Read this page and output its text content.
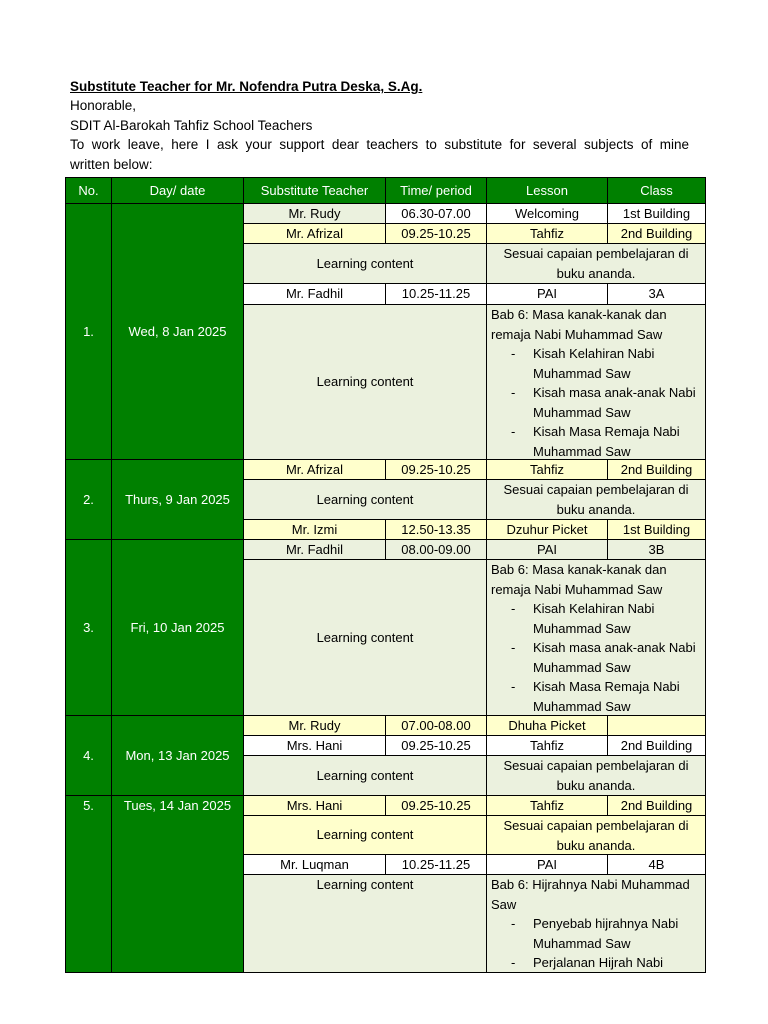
Substitute Teacher for Mr. Nofendra Putra Deska, S.Ag.
Honorable,
SDIT Al-Barokah Tahfiz School Teachers
To work leave, here I ask your support dear teachers to substitute for several subjects of mine
written below:
No.	Day/ date	Substitute Teacher	Time/ period	Lesson	Class
1.	Wed, 8 Jan 2025
Mr. Rudy	06.30-07.00	Welcoming	1st Building
Mr. Afrizal	09.25-10.25	Tahfiz	2nd Building
Learning content
Sesuai capaian pembelajaran di buku ananda.
Mr. Fadhil	10.25-11.25	PAI	3A
Learning content
Bab 6: Masa kanak-kanak dan remaja Nabi Muhammad Saw
- Kisah Kelahiran Nabi Muhammad Saw
- Kisah masa anak-anak Nabi Muhammad Saw
- Kisah Masa Remaja Nabi Muhammad Saw
2.	Thurs, 9 Jan 2025
Mr. Afrizal	09.25-10.25	Tahfiz	2nd Building
Learning content
Sesuai capaian pembelajaran di buku ananda.
Mr. Izmi	12.50-13.35	Dzuhur Picket	1st Building
3.	Fri, 10 Jan 2025
Mr. Fadhil	08.00-09.00	PAI	3B
Learning content
Bab 6: Masa kanak-kanak dan remaja Nabi Muhammad Saw
- Kisah Kelahiran Nabi Muhammad Saw
- Kisah masa anak-anak Nabi Muhammad Saw
- Kisah Masa Remaja Nabi Muhammad Saw
4.	Mon, 13 Jan 2025
Mr. Rudy	07.00-08.00	Dhuha Picket
Mrs. Hani	09.25-10.25	Tahfiz	2nd Building
Learning content
Sesuai capaian pembelajaran di buku ananda.
5.	Tues, 14 Jan 2025	Mrs. Hani	09.25-10.25	Tahfiz	2nd Building
Learning content
Sesuai capaian pembelajaran di buku ananda.
Mr. Luqman	10.25-11.25	PAI	4B
Learning content	Bab 6: Hijrahnya Nabi Muhammad Saw
- Penyebab hijrahnya Nabi Muhammad Saw
- Perjalanan Hijrah Nabi
